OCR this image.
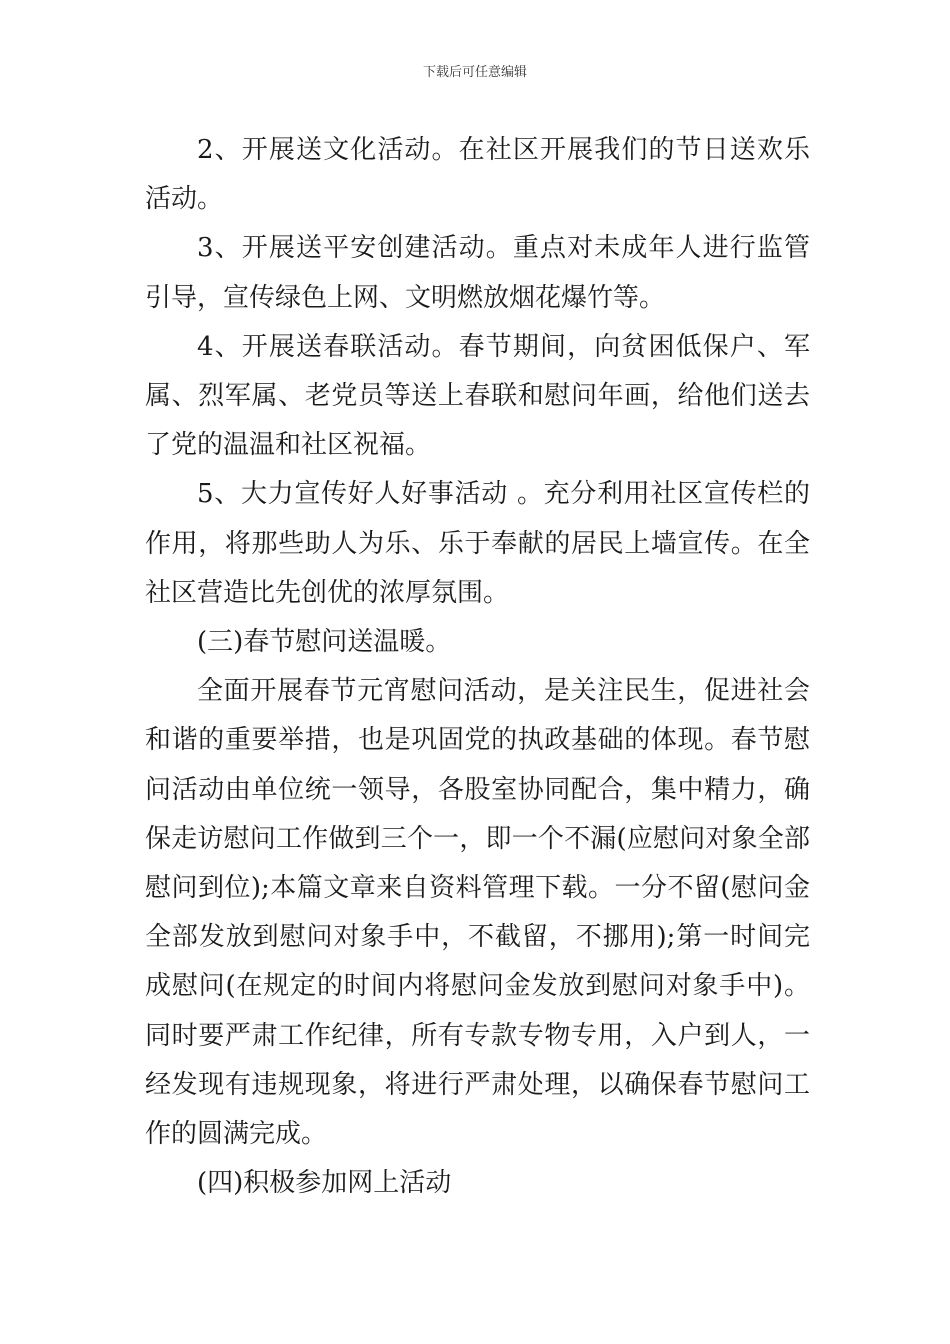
下载后可任意编辑

2、开展送文化活动。在社区开展我们的节日送欢乐活动。

3、开展送平安创建活动。重点对未成年人进行监管引导，宣传绿色上网、文明燃放烟花爆竹等。

4、开展送春联活动。春节期间，向贫困低保户、军属、烈军属、老党员等送上春联和慰问年画，给他们送去了党的温温和社区祝福。

5、大力宣传好人好事活动 。充分利用社区宣传栏的作用，将那些助人为乐、乐于奉献的居民上墙宣传。在全社区营造比先创优的浓厚氛围。

(三)春节慰问送温暖。

全面开展春节元宵慰问活动，是关注民生，促进社会和谐的重要举措，也是巩固党的执政基础的体现。春节慰问活动由单位统一领导，各股室协同配合，集中精力，确保走访慰问工作做到三个一，即一个不漏(应慰问对象全部慰问到位);本篇文章来自资料管理下载。一分不留(慰问金全部发放到慰问对象手中，不截留，不挪用);第一时间完成慰问(在规定的时间内将慰问金发放到慰问对象手中)。同时要严肃工作纪律，所有专款专物专用，入户到人，一经发现有违规现象，将进行严肃处理，以确保春节慰问工作的圆满完成。

(四)积极参加网上活动
